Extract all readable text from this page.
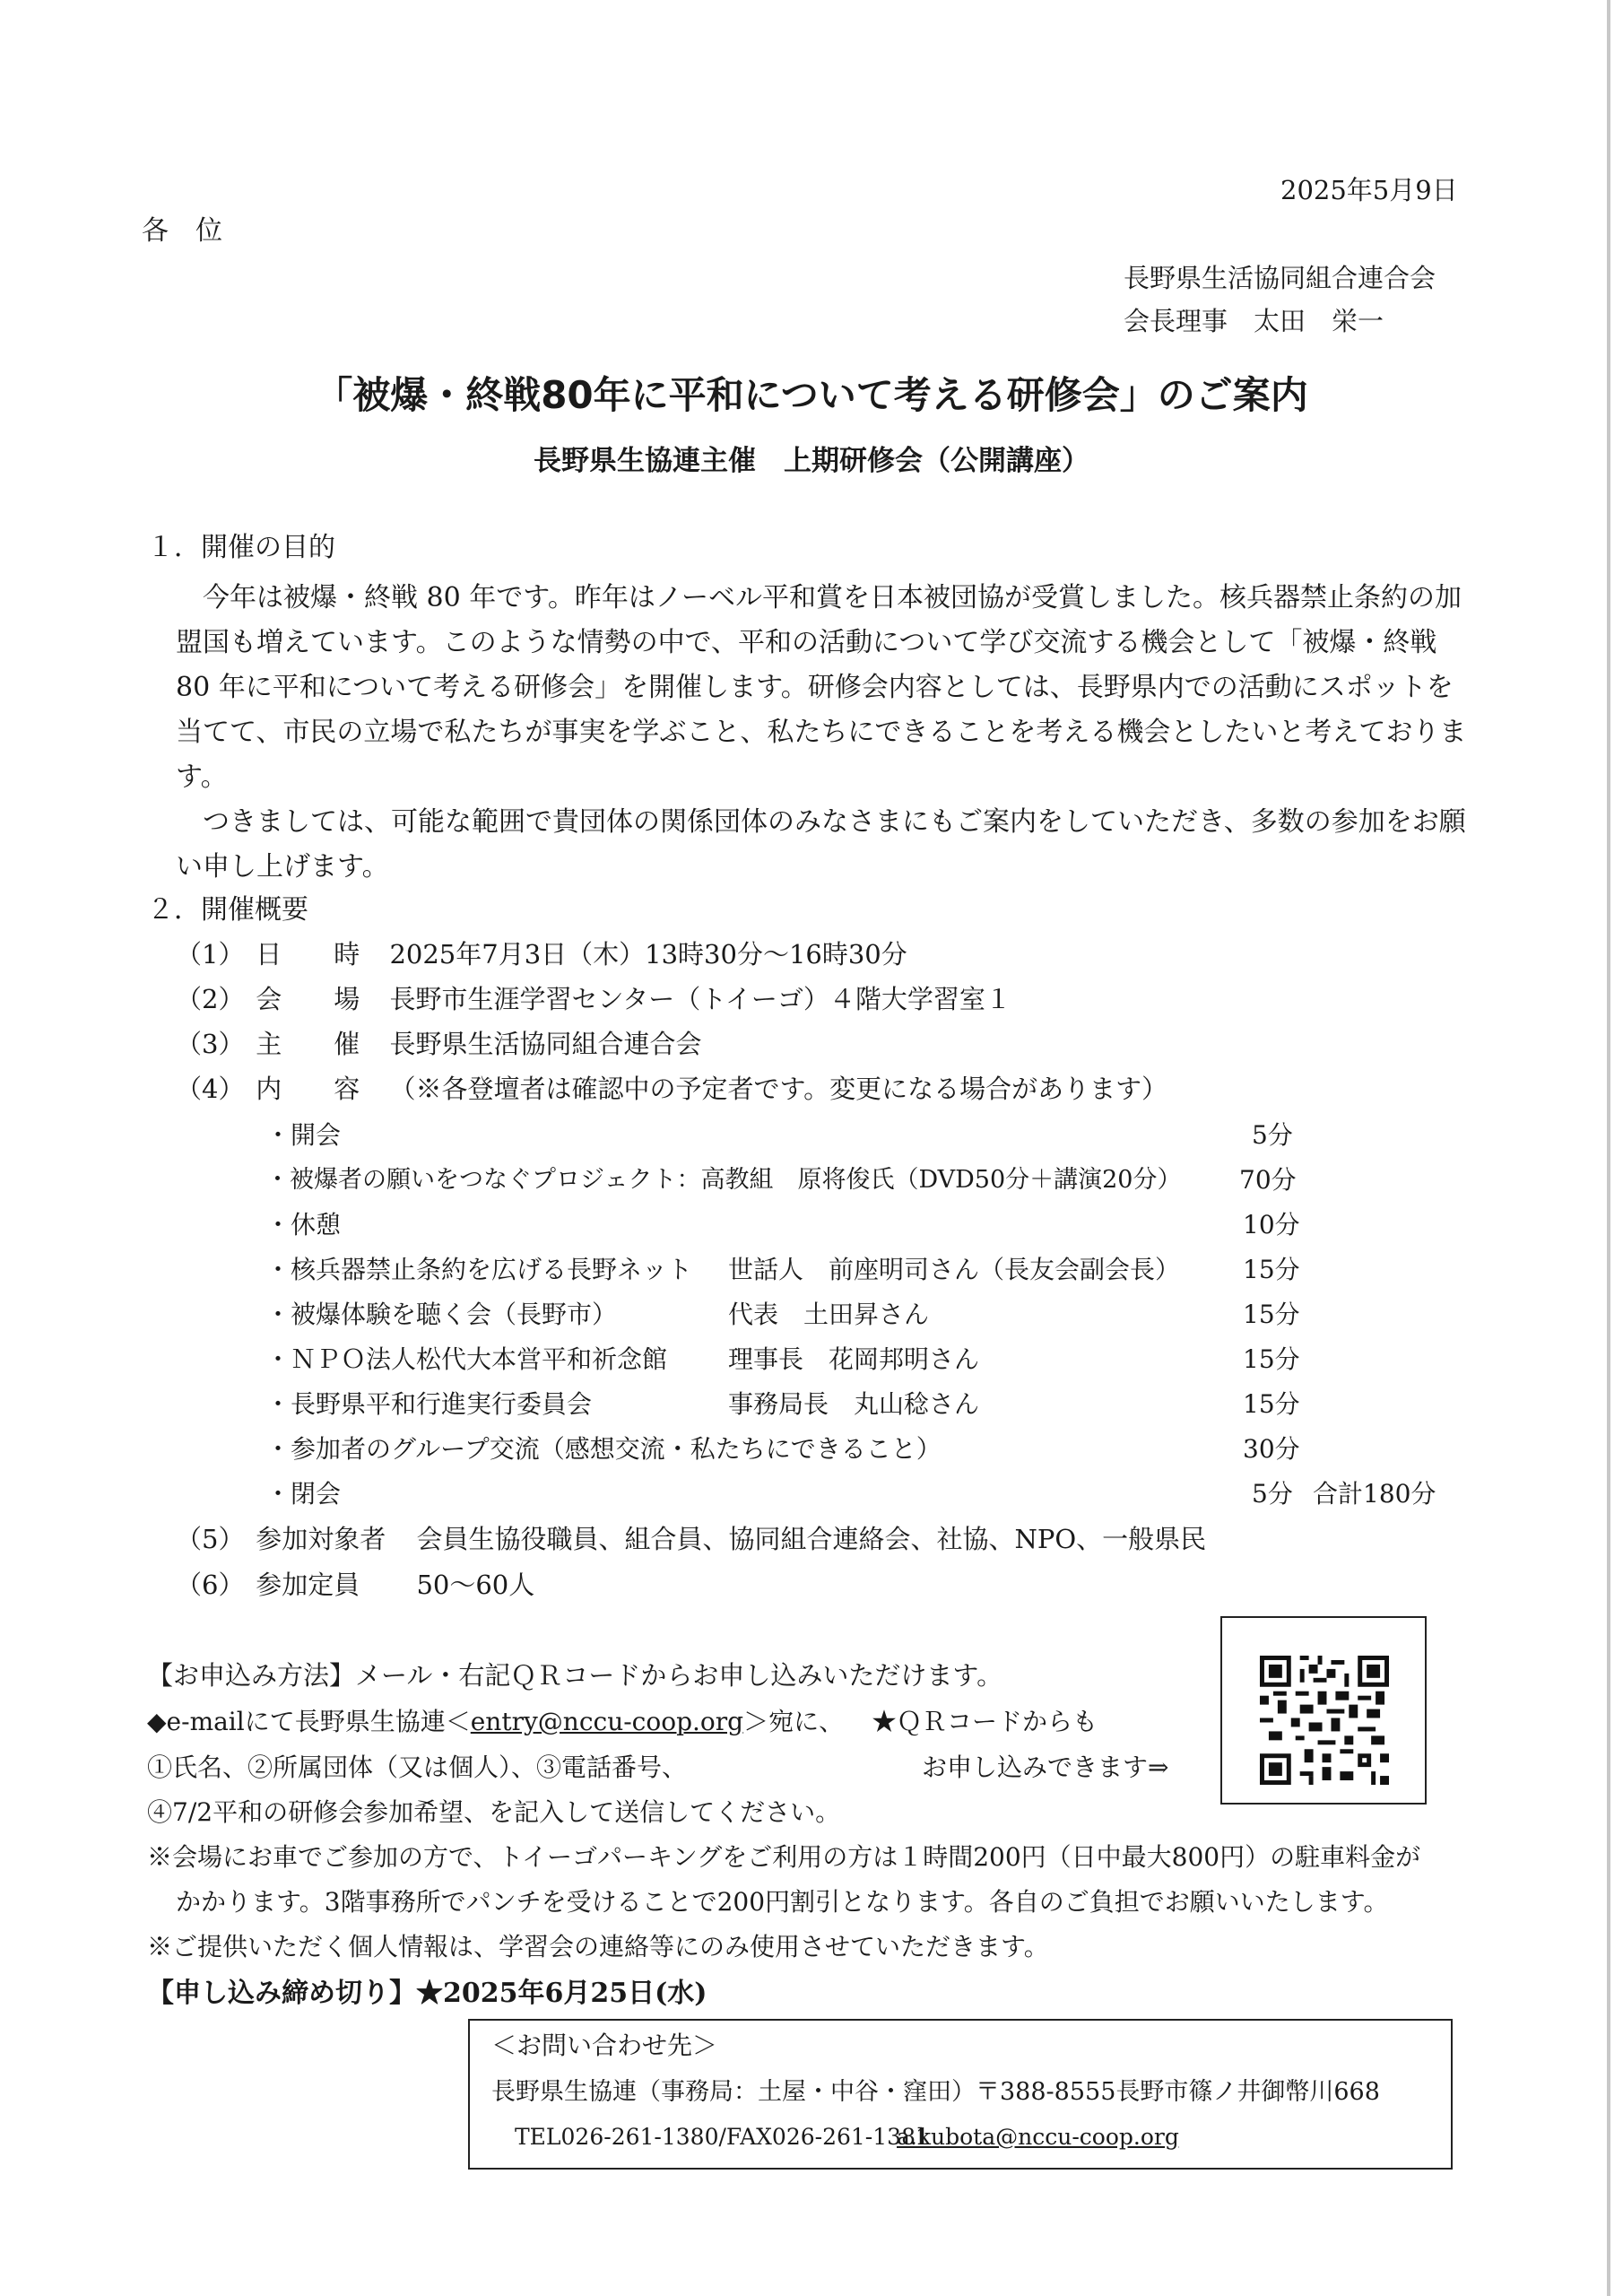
2025年5月9日
各　位
長野県生活協同組合連合会
会長理事　太田　栄一
「被爆・終戦80年に平和について考える研修会」のご案内
長野県生協連主催　上期研修会（公開講座）
１．開催の目的

今年は被爆・終戦 80 年です。昨年はノーベル平和賞を日本被団協が受賞しました。核兵器禁止条約の加盟国も増えています。このような情勢の中で、平和の活動について学び交流する機会として「被爆・終戦 80 年に平和について考える研修会」を開催します。研修会内容としては、長野県内での活動にスポットを当てて、市民の立場で私たちが事実を学ぶこと、私たちにできることを考える機会としたいと考えております。

つきましては、可能な範囲で貴団体の関係団体のみなさまにもご案内をしていただき、多数の参加をお願い申し上げます。

２．開催概要
（1） 日　　時 2025年7月3日（木）13時30分～16時30分
（2） 会　　場 長野市生涯学習センター（トイーゴ）４階大学習室１
（3） 主　　催 長野県生活協同組合連合会
（4） 内　　容 （※各登壇者は確認中の予定者です。変更になる場合があります）
・開会	5分
・被爆者の願いをつなぐプロジェクト：高教組　原将俊氏（DVD50分＋講演20分） 70分
・休憩	10分
・核兵器禁止条約を広げる長野ネット 世話人　前座明司さん（長友会副会長） 15分
・被爆体験を聴く会（長野市）	代表　土田昇さん	15分
・ＮＰＯ法人松代大本営平和祈念館 理事長　花岡邦明さん	15分
・長野県平和行進実行委員会	事務局長　丸山稔さん	15分
・参加者のグループ交流（感想交流・私たちにできること）	30分
・閉会	5分 合計180分
（5） 参加対象者 会員生協役職員、組合員、協同組合連絡会、社協、NPO、一般県民
（6） 参加定員 50～60人
【お申込み方法】メール・右記ＱＲコードからお申し込みいただけます。
◆e-mailにて長野県生協連＜entry@nccu-coop.org＞宛に、 ★ＱＲコードからも
①氏名、②所属団体（又は個人）、③電話番号、	お申し込みできます⇒
④7/2平和の研修会参加希望、を記入して送信してください。
※会場にお車でご参加の方で、トイーゴパーキングをご利用の方は１時間200円（日中最大800円）の駐車料金が
かかります。3階事務所でパンチを受けることで200円割引となります。各自のご負担でお願いいたします。
※ご提供いただく個人情報は、学習会の連絡等にのみ使用させていただきます。
【申し込み締め切り】★2025年6月25日(水)
＜お問い合わせ先＞
長野県生協連（事務局：土屋・中谷・窪田）〒388-8555長野市篠ノ井御幣川668
TEL026-261-1380/FAX026-261-1381
a.kubota@nccu-coop.org
